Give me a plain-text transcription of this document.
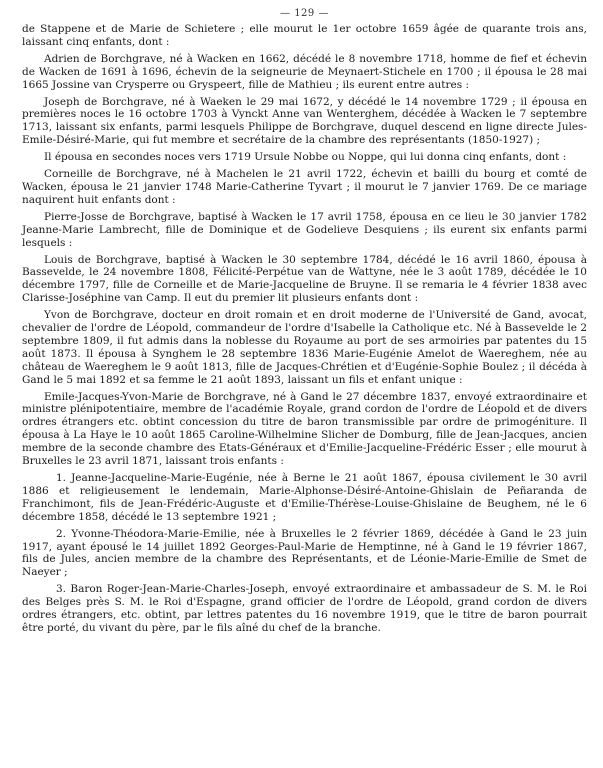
— 129 —

de Stappene et de Marie de Schietere ; elle mourut le 1er octobre 1659 âgée de quarante trois ans, laissant cinq enfants, dont :

Adrien de Borchgrave, né à Wacken en 1662, décédé le 8 novembre 1718, homme de fief et échevin de Wacken de 1691 à 1696, échevin de la seigneurie de Meynaert-Stichele en 1700 ; il épousa le 28 mai 1665 Jossine van Crysperre ou Gryspeert, fille de Mathieu ; ils eurent entre autres :

Joseph de Borchgrave, né à Waeken le 29 mai 1672, y décédé le 14 novembre 1729 ; il épousa en premières noces le 16 octobre 1703 à Vynckt Anne van Wenterghem, décédée à Wacken le 7 septembre 1713, laissant six enfants, parmi lesquels Philippe de Borchgrave, duquel descend en ligne directe Jules-Emile-Désiré-Marie, qui fut membre et secrétaire de la chambre des représentants (1850-1927) ;

Il épousa en secondes noces vers 1719 Ursule Nobbe ou Noppe, qui lui donna cinq enfants, dont :

Corneille de Borchgrave, né à Machelen le 21 avril 1722, échevin et bailli du bourg et comté de Wacken, épousa le 21 janvier 1748 Marie-Catherine Tyvart ; il mourut le 7 janvier 1769. De ce mariage naquirent huit enfants dont :

Pierre-Josse de Borchgrave, baptisé à Wacken le 17 avril 1758, épousa en ce lieu le 30 janvier 1782 Jeanne-Marie Lambrecht, fille de Dominique et de Godelieve Desquiens ; ils eurent six enfants parmi lesquels :

Louis de Borchgrave, baptisé à Wacken le 30 septembre 1784, décédé le 16 avril 1860, épousa à Bassevelde, le 24 novembre 1808, Félicité-Perpétue van de Wattyne, née le 3 août 1789, décédée le 10 décembre 1797, fille de Corneille et de Marie-Jacqueline de Bruyne. Il se remaria le 4 février 1838 avec Clarisse-Joséphine van Camp. Il eut du premier lit plusieurs enfants dont :

Yvon de Borchgrave, docteur en droit romain et en droit moderne de l'Université de Gand, avocat, chevalier de l'ordre de Léopold, commandeur de l'ordre d'Isabelle la Catholique etc. Né à Bassevelde le 2 septembre 1809, il fut admis dans la noblesse du Royaume au port de ses armoiries par patentes du 15 août 1873. Il épousa à Synghem le 28 septembre 1836 Marie-Eugénie Amelot de Waereghem, née au château de Waereghem le 9 août 1813, fille de Jacques-Chrétien et d'Eugénie-Sophie Boulez ; il décéda à Gand le 5 mai 1892 et sa femme le 21 août 1893, laissant un fils et enfant unique :

Emile-Jacques-Yvon-Marie de Borchgrave, né à Gand le 27 décembre 1837, envoyé extraordinaire et ministre plénipotentiaire, membre de l'académie Royale, grand cordon de l'ordre de Léopold et de divers ordres étrangers etc. obtint concession du titre de baron transmissible par ordre de primogéniture. Il épousa à La Haye le 10 août 1865 Caroline-Wilhelmine Slicher de Domburg, fille de Jean-Jacques, ancien membre de la seconde chambre des Etats-Généraux et d'Emilie-Jacqueline-Frédéric Esser ; elle mourut à Bruxelles le 23 avril 1871, laissant trois enfants :

1. Jeanne-Jacqueline-Marie-Eugénie, née à Berne le 21 août 1867, épousa civilement le 30 avril 1886 et religieusement le lendemain, Marie-Alphonse-Désiré-Antoine-Ghislain de Peñaranda de Franchimont, fils de Jean-Frédéric-Auguste et d'Emilie-Thérèse-Louise-Ghislaine de Beughem, né le 6 décembre 1858, décédé le 13 septembre 1921 ;

2. Yvonne-Théodora-Marie-Emilie, née à Bruxelles le 2 février 1869, décédée à Gand le 23 juin 1917, ayant épousé le 14 juillet 1892 Georges-Paul-Marie de Hemptinne, né à Gand le 19 février 1867, fils de Jules, ancien membre de la chambre des Représentants, et de Léonie-Marie-Emilie de Smet de Naeyer ;

3. Baron Roger-Jean-Marie-Charles-Joseph, envoyé extraordinaire et ambassadeur de S. M. le Roi des Belges près S. M. le Roi d'Espagne, grand officier de l'ordre de Léopold, grand cordon de divers ordres étrangers, etc. obtint, par lettres patentes du 16 novembre 1919, que le titre de baron pourrait être porté, du vivant du père, par le fils aîné du chef de la branche.
